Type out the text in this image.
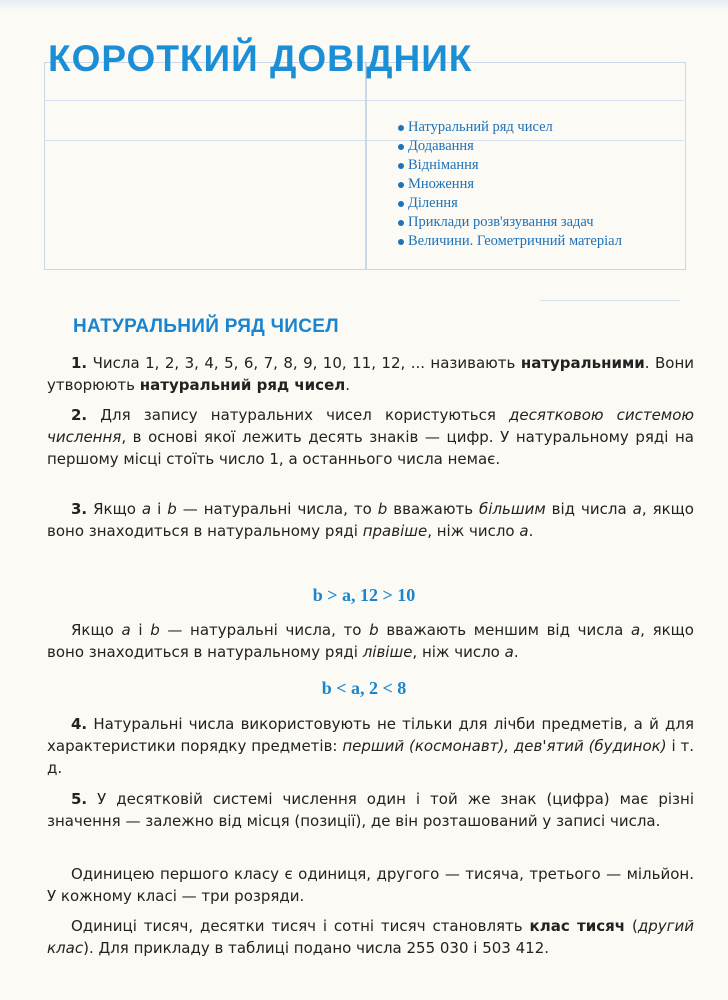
КОРОТКИЙ ДОВІДНИК
Натуральний ряд чисел
Додавання
Віднімання
Множення
Ділення
Приклади розв'язування задач
Величини. Геометричний матеріал
НАТУРАЛЬНИЙ РЯД ЧИСЕЛ

1. Числа 1, 2, 3, 4, 5, 6, 7, 8, 9, 10, 11, 12, ... називають натуральними. Вони утворюють натуральний ряд чисел.

2. Для запису натуральних чисел користуються десятковою системою числення, в основі якої лежить десять знаків — цифр. У натуральному ряді на першому місці стоїть число 1, а останнього числа немає.

3. Якщо a і b — натуральні числа, то b вважають більшим від числа a, якщо воно знаходиться в натуральному ряді правіше, ніж число a.

b > a, 12 > 10

Якщо a і b — натуральні числа, то b вважають меншим від числа a, якщо воно знаходиться в натуральному ряді лівіше, ніж число a.

b < a, 2 < 8

4. Натуральні числа використовують не тільки для лічби предметів, а й для характеристики порядку предметів: перший (космонавт), дев'ятий (будинок) і т. д.

5. У десятковій системі числення один і той же знак (цифра) має різні значення — залежно від місця (позиції), де він розташований у записі числа.

Одиницею першого класу є одиниця, другого — тисяча, третього — мільйон. У кожному класі — три розряди.

Одиниці тисяч, десятки тисяч і сотні тисяч становлять клас тисяч (другий клас). Для прикладу в таблиці подано числа 255 030 і 503 412.
